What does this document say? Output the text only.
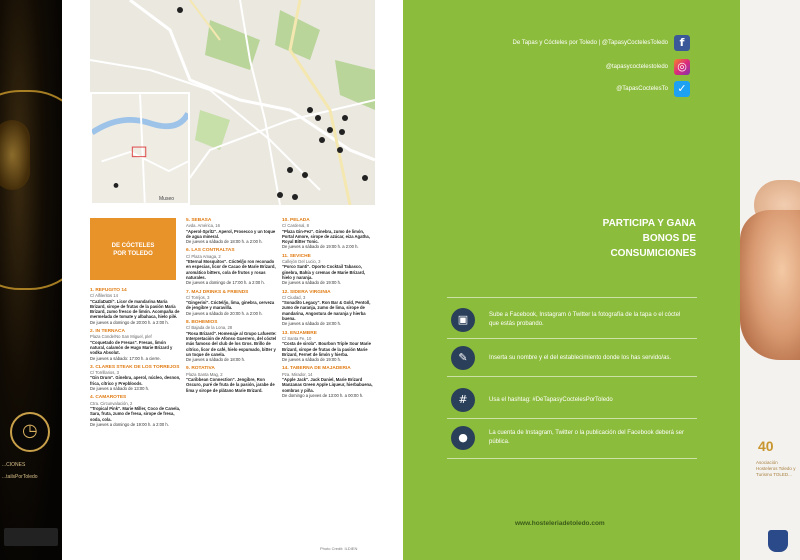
◷
...CIONES
...tailsPorToledo
Museo
DE CÓCTELES
POR TOLEDO
1. REFUGITO 14
C/ Alfileritos 14
"CazlaDaDí". Licor de mandarina María Brizard, sirope de frutas de la pasión María Brizard, zumo fresco de limón. Acompaña de mermelada de tomate y albahaca, hielo pilé.
De jueves a domingo de 20:00 h. a 2:00 h.
2. IN TERNACA
Plaza Conde/No San Miguel, plef
"Coquetado de Fresas". Fresas, limón natural, calamón de Hugo Marie Brizard y vodka Absolut.
De jueves a sábado: 17:00 h. a cierre.
3. CLARES STEAK DE LOS TORREJOS
C/ Torrillarios, 3
"Gin Drum". Ginebra, aperol, núcleo, desnon, frica, cítrico y Prepbloods.
De jueves a sábado de 13:00 h.
4. CAMAROTES
Ctra. Circunvalación, 2
"Tropical Pink". Marie Miller, Coco de Canela, Sara, fruta, zumo de fresa, sirope de fresa, soda, cola.
De jueves a domingo de 19:00 h. a 2:00 h.
5. SEBASA
Avda. América, 16
"Aperol-Spritz". Aperol, Prosecco y un toque de agua mineral.
De jueves a sábado de 18:00 h. a 2:00 h.
6. LAS CONTRALTAS
C/ Plaza Amaga, 2
"Eternal Mosquitos". Cóctel/jo ron reconado en especias, licor de Cacao de Marie Brizard, aromático bitters, cola de frutos y rosas naturales.
De jueves a domingo de 17:00 h. a 2:00 h.
7. MAJ DRINKS & FRIENDS
C/ Torrijos, 3
"Gingerini". Cóctel/jo, lima, ginebra, cerveza de jengibre y maravilla.
De jueves a sábado de 20:00 h. a 2:00 h.
8. BOHEMIOS
C/ Bajada de la Lona, 28
"Rosa Brizard". Homenaje al Grupo Lafuente: Interpretación de Afonso Guerrero, del cóctel más famoso del club de los Gros. Brillo de cítrico, licor de café, hielo espumado, bitter y un toque de canela.
De jueves a sábado de 18:00 h.
9. ROTATIVA
Plaza Santa Mag, 2
"Caribbean Connection". Jengibre, Ron Oscuro, puré de fruta de la pasión, jarabe de lima y sirope de plátano Marie Brizard.
10. PELADA
C/ Cardenal, 8
"Plaza Gin-Fez". Ginebra, zumo de limón, Portal Amore, sirope de azúcar, eiza Agatha, Royal Bitter Tonic.
De jueves a sábado de 19:00 h. a 2:00 h.
11. SEVICHE
Callejón Del Lucio, 3
"Porco Santi". Oporto Cocktail Tabasco, ginebra, Bahía y cremas de Marie Brizard, hielo y naranja.
De jueves a sábado de 19:00 h.
12. SIDERA VIRGINIA
C/ Ciudad, 3
"Sonadito Legacy". Ron Bar & Gold, Pentoll, zumo de naranja, zumo de lima, sirope de mandarina, Angostura de naranja y hierba buena.
De jueves a sábado de 18:00 h.
13. ENJAMBRE
C/ Santa Fe, 10
"Costa de sirola". Bourbon Triple Sour Marie Brizard, sirope de frutas de la pasión Marie Brizard, Fernet de limón y hierba.
De jueves a sábado de 19:00 h.
14. TABERNA DE MAJADERIA
Pza. Mirador, 14
"Apple Jack". Jack Daniel, Marie Brizard Manzanas Green Apple Liqueur, hierbabuena, sombras y piña.
De domingo a jueves de 13:00 h. a 00:00 h.
Photo Credit: ILDIEN
De Tapas y Cócteles por Toledo | @TapasyCoctelesToledo	f
@tapasycoctelestoledo ◎
@TapasCoctelesTo ✓
PARTICIPA Y GANA
BONOS DE
CONSUMICIONES
▣	Sube a Facebook, Instagram ó Twitter la fotografía de la tapa o el cóctel que estás probando.
✎	Inserta su nombre y el del establecimiento donde los has servido/as.
#	Usa el hashtag: #DeTapasyCoctelesPorToledo
●	La cuenta de Instagram, Twitter o la publicación del Facebook deberá ser pública.
www.hosteleriadetoledo.com
40
Asociación Hosteleros Toledo y Turismo TOLED...
